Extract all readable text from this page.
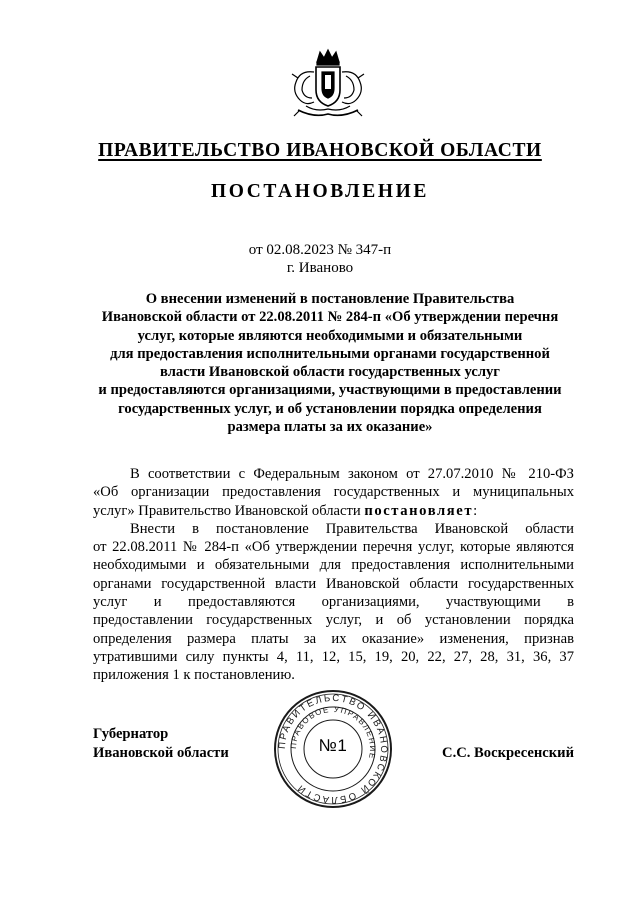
ПРАВИТЕЛЬСТВО ИВАНОВСКОЙ ОБЛАСТИ
ПОСТАНОВЛЕНИЕ
от 02.08.2023 № 347-п
г. Иваново
О внесении изменений в постановление Правительства
Ивановской области от 22.08.2011 № 284-п «Об утверждении перечня
услуг, которые являются необходимыми и обязательными
для предоставления исполнительными органами государственной
власти Ивановской области государственных услуг
и предоставляются организациями, участвующими в предоставлении
государственных услуг, и об установлении порядка определения
размера платы за их оказание»
В соответствии с Федеральным законом от 27.07.2010 № 210-ФЗ
«Об организации предоставления государственных и муниципальных
услуг» Правительство Ивановской области постановляет:
Внести в постановление Правительства Ивановской области
от 22.08.2011 № 284-п «Об утверждении перечня услуг, которые являются
необходимыми и обязательными для предоставления исполнительными
органами государственной власти Ивановской области государственных
услуг и предоставляются организациями, участвующими в
предоставлении государственных услуг, и об установлении порядка
определения размера платы за их оказание» изменения, признав
утратившими силу пункты 4, 11, 12, 15, 19, 20, 22, 27, 28, 31, 36, 37
приложения 1 к постановлению.
Губернатор
Ивановской области
ПРАВИТЕЛЬСТВО ИВАНОВСКОЙ ОБЛАСТИ
ПРАВОВОЕ УПРАВЛЕНИЕ
№1	С.С. Воскресенский
